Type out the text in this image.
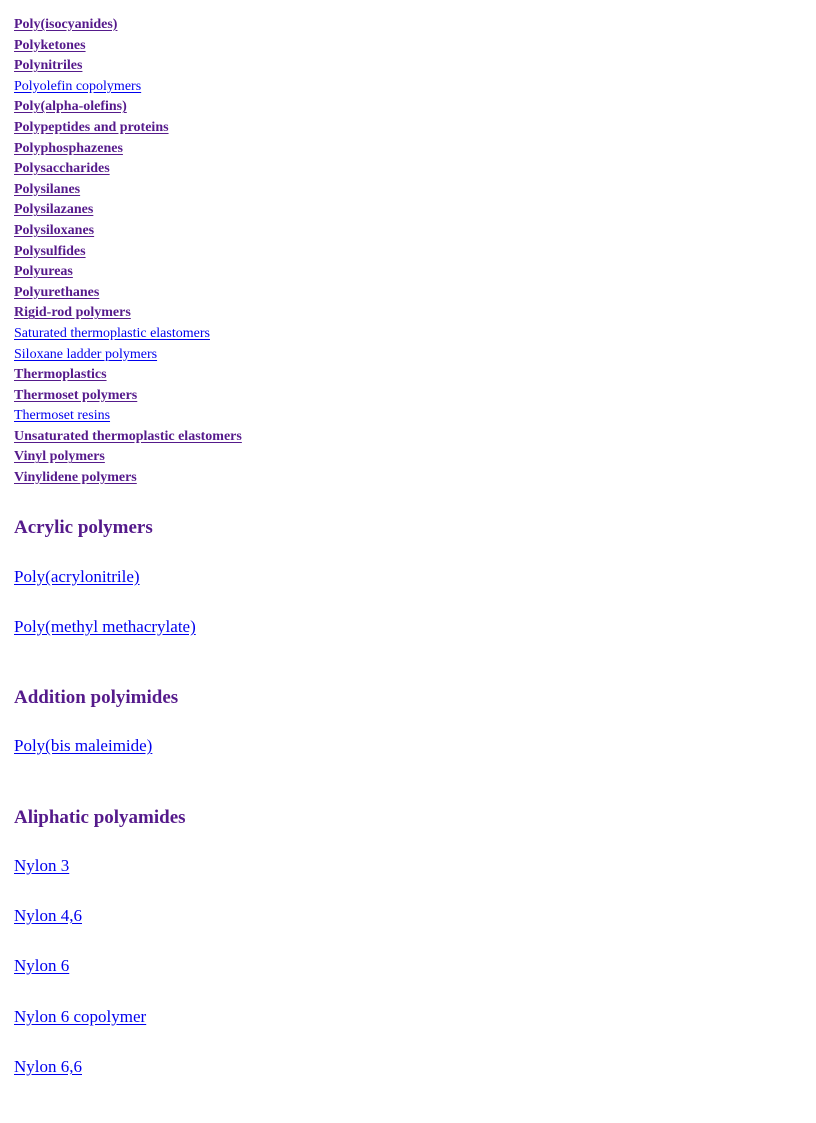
Poly(isocyanides)
Polyketones
Polynitriles
Polyolefin copolymers
Poly(alpha-olefins)
Polypeptides and proteins
Polyphosphazenes
Polysaccharides
Polysilanes
Polysilazanes
Polysiloxanes
Polysulfides
Polyureas
Polyurethanes
Rigid-rod polymers
Saturated thermoplastic elastomers
Siloxane ladder polymers
Thermoplastics
Thermoset polymers
Thermoset resins
Unsaturated thermoplastic elastomers
Vinyl polymers
Vinylidene polymers
Acrylic polymers
Poly(acrylonitrile)
Poly(methyl methacrylate)
Addition polyimides
Poly(bis maleimide)
Aliphatic polyamides
Nylon 3
Nylon 4,6
Nylon 6
Nylon 6 copolymer
Nylon 6,6
